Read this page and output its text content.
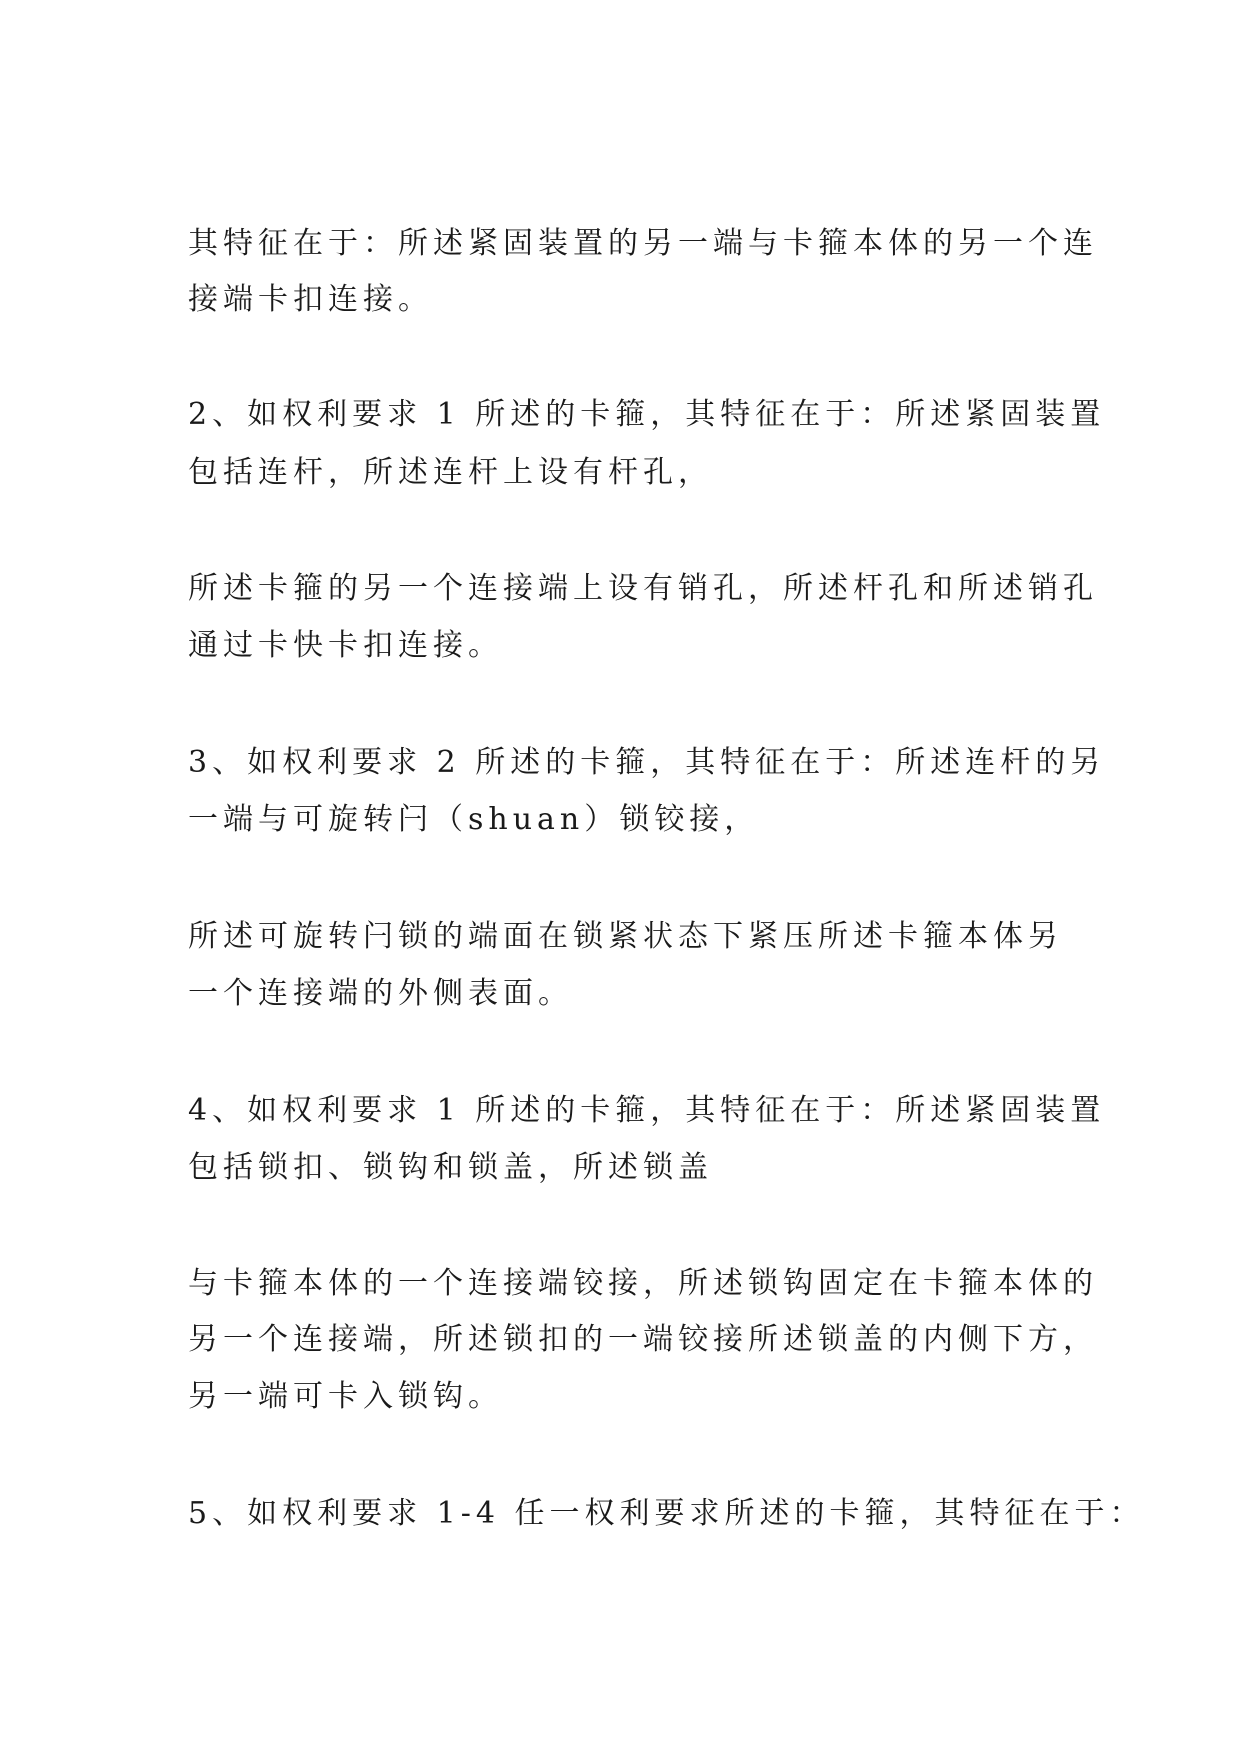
其特征在于：所述紧固装置的另一端与卡箍本体的另一个连
接端卡扣连接。
2、如权利要求 1 所述的卡箍，其特征在于：所述紧固装置
包括连杆，所述连杆上设有杆孔，
所述卡箍的另一个连接端上设有销孔，所述杆孔和所述销孔
通过卡快卡扣连接。
3、如权利要求 2 所述的卡箍，其特征在于：所述连杆的另
一端与可旋转闩（shuan）锁铰接，
所述可旋转闩锁的端面在锁紧状态下紧压所述卡箍本体另
一个连接端的外侧表面。
4、如权利要求 1 所述的卡箍，其特征在于：所述紧固装置
包括锁扣、锁钩和锁盖，所述锁盖
与卡箍本体的一个连接端铰接，所述锁钩固定在卡箍本体的
另一个连接端，所述锁扣的一端铰接所述锁盖的内侧下方，
另一端可卡入锁钩。
5、如权利要求 1-4 任一权利要求所述的卡箍，其特征在于：
